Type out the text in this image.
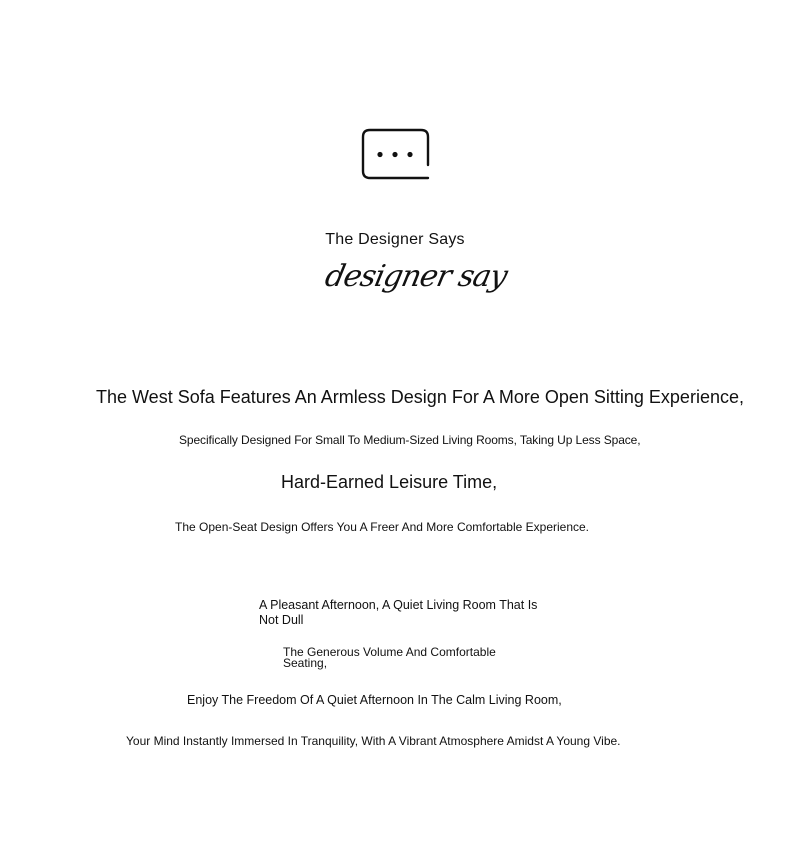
The Designer Says
designer say

The West Sofa Features An Armless Design For A More Open Sitting Experience,

Specifically Designed For Small To Medium-Sized Living Rooms, Taking Up Less Space,

Hard-Earned Leisure Time,

The Open-Seat Design Offers You A Freer And More Comfortable Experience.

A Pleasant Afternoon, A Quiet Living Room That Is Not Dull

The Generous Volume And Comfortable Seating,

Enjoy The Freedom Of A Quiet Afternoon In The Calm Living Room,

Your Mind Instantly Immersed In Tranquility, With A Vibrant Atmosphere Amidst A Young Vibe.
